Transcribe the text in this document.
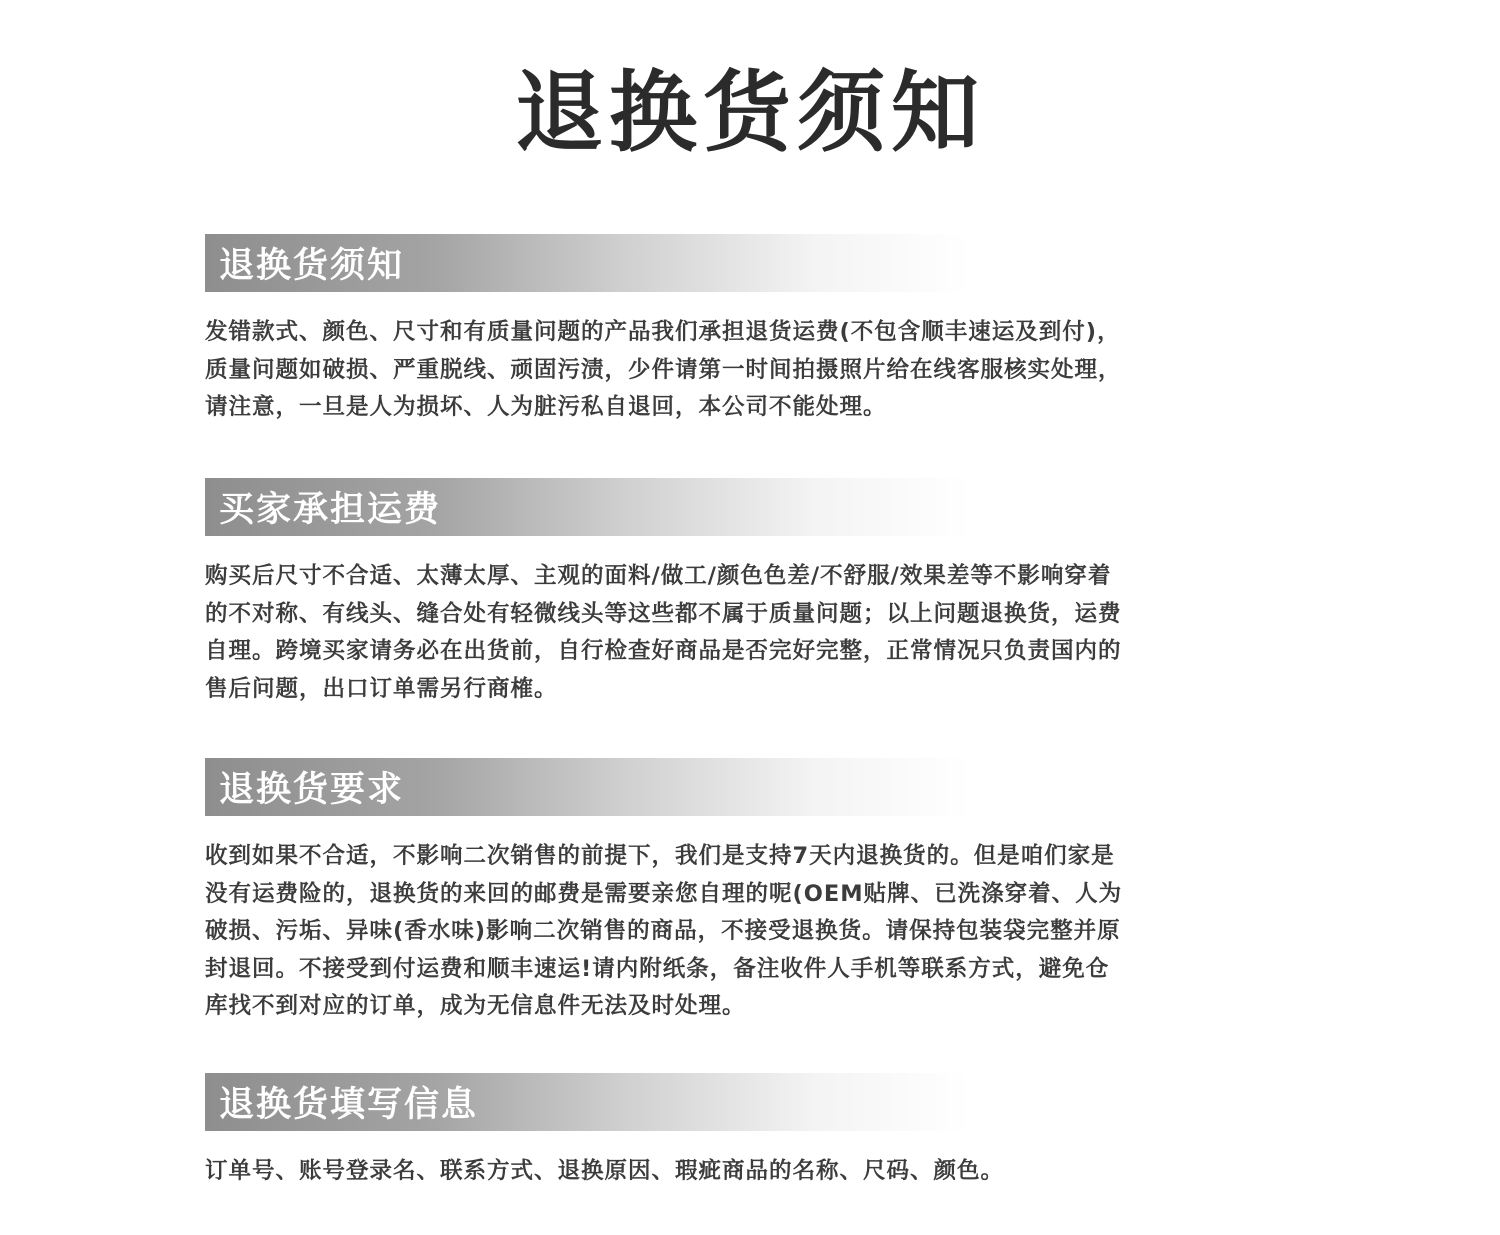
退换货须知
退换货须知
发错款式、颜色、尺寸和有质量问题的产品我们承担退货运费(不包含顺丰速运及到付)，
质量问题如破损、严重脱线、顽固污渍，少件请第一时间拍摄照片给在线客服核实处理，
请注意，一旦是人为损坏、人为脏污私自退回，本公司不能处理。
买家承担运费
购买后尺寸不合适、太薄太厚、主观的面料/做工/颜色色差/不舒服/效果差等不影响穿着
的不对称、有线头、缝合处有轻微线头等这些都不属于质量问题；以上问题退换货，运费
自理。跨境买家请务必在出货前，自行检查好商品是否完好完整，正常情况只负责国内的
售后问题，出口订单需另行商榷。
退换货要求
收到如果不合适，不影响二次销售的前提下，我们是支持7天内退换货的。但是咱们家是
没有运费险的，退换货的来回的邮费是需要亲您自理的呢(OEM贴牌、已洗涤穿着、人为
破损、污垢、异味(香水味)影响二次销售的商品，不接受退换货。请保持包装袋完整并原
封退回。不接受到付运费和顺丰速运!请内附纸条，备注收件人手机等联系方式，避免仓
库找不到对应的订单，成为无信息件无法及时处理。
退换货填写信息
订单号、账号登录名、联系方式、退换原因、瑕疵商品的名称、尺码、颜色。
